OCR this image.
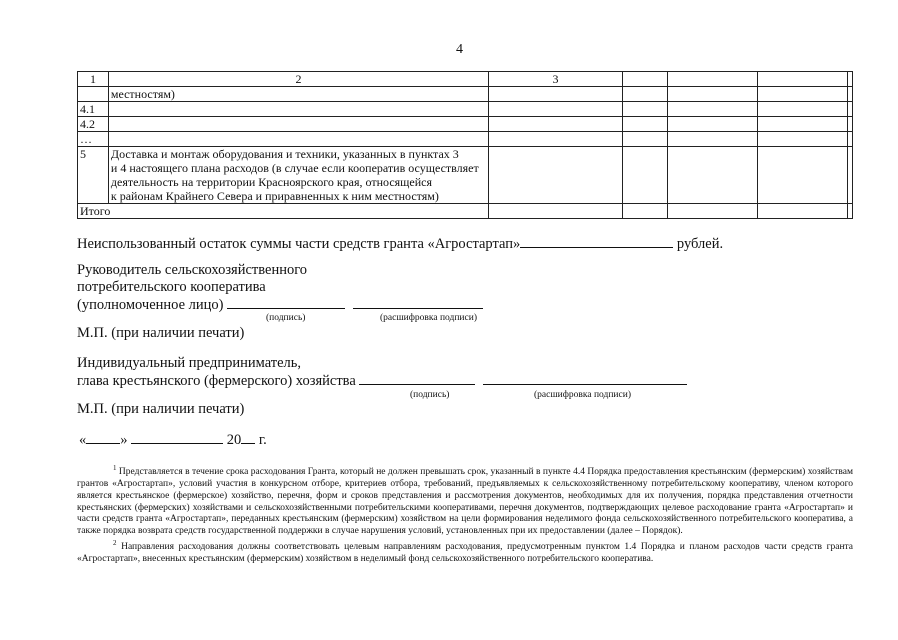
4
1	2	3				
	местностям)					
4.1						
4.2						
…						
5	Доставка и монтаж оборудования и техники, указанных в пунктах 3
и 4 настоящего плана расходов (в случае если кооператив осуществляет
деятельность на территории Красноярского края, относящейся
к районам Крайнего Севера и приравненных к ним местностям)					

Итого						
Неиспользованный остаток суммы части средств гранта «Агростартап»	рублей.
Руководитель сельскохозяйственного
потребительского кооператива
(уполномоченное лицо)
(подпись)	(расшифровка подписи)
М.П. (при наличии печати)
Индивидуальный предприниматель,
глава крестьянского (фермерского) хозяйства
(подпись)	(расшифровка подписи)
М.П. (при наличии печати)
« »	20 г.

$^1$ Представляется в течение срока расходования Гранта, который не должен превышать срок, указанный в пункте 4.4 Порядка предоставления крестьянским (фермерским) хозяйствам грантов «Агростартап», условий участия в конкурсном отборе, критериев отбора, требований, предъявляемых к сельскохозяйственному потребительскому кооперативу, членом которого является крестьянское (фермерское) хозяйство, перечня, форм и сроков представления и рассмотрения документов, необходимых для их получения, порядка представления отчетности крестьянских (фермерских) хозяйствами и сельскохозяйственными потребительскими кооперативами, перечня документов, подтверждающих целевое расходование гранта «Агростартап» и части средств гранта «Агростартап», переданных крестьянским (фермерским) хозяйством на цели формирования неделимого фонда сельскохозяйственного потребительского кооператива, а также порядка возврата средств государственной поддержки в случае нарушения условий, установленных при их предоставлении (далее – Порядок).

$^2$ Направления расходования должны соответствовать целевым направлениям расходования, предусмотренным пунктом 1.4 Порядка и планом расходов части средств гранта «Агростартап», внесенных крестьянским (фермерским) хозяйством в неделимый фонд сельскохозяйственного потребительского кооператива.
